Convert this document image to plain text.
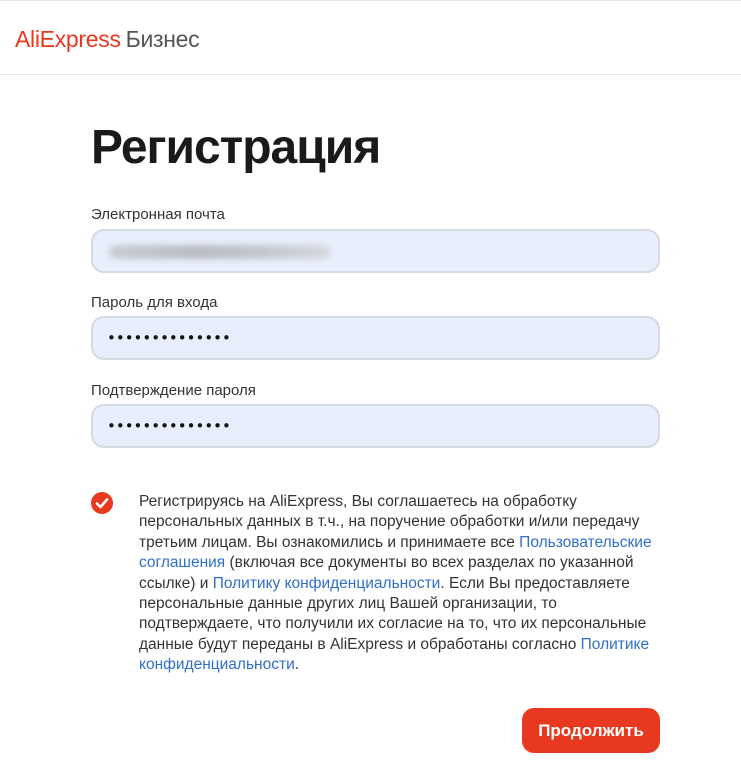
AliExpress Бизнес
Регистрация
Электронная почта
Пароль для входа
••••••••••••••
Подтверждение пароля
••••••••••••••

Регистрируясь на AliExpress, Вы соглашаетесь на обработку персональных данных в т.ч., на поручение обработки и/или передачу третьим лицам. Вы ознакомились и принимаете все Пользовательские соглашения (включая все документы во всех разделах по указанной ссылке) и Политику конфиденциальности. Если Вы предоставляете персональные данные других лиц Вашей организации, то подтверждаете, что получили их согласие на то, что их персональные данные будут переданы в AliExpress и обработаны согласно Политике конфиденциальности.

Продолжить
